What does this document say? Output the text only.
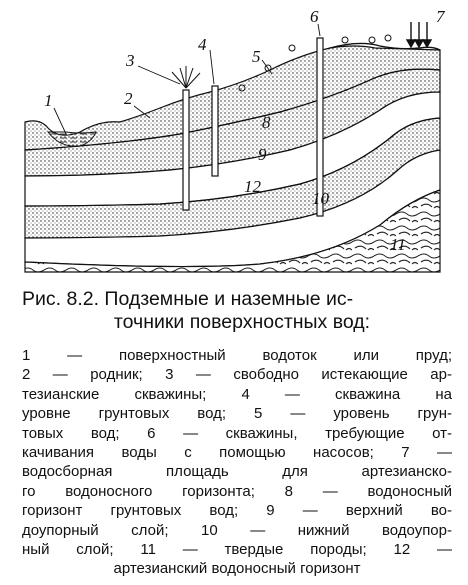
1	2
3
4
5
6	7
8
9
10
11
12
Рис. 8.2. Подземные и наземные ис-
точники поверхностных вод:
1 — поверхностный водоток или пруд;
2 — родник; 3 — свободно истекающие ар-
тезианские скважины; 4 — скважина на
уровне грунтовых вод; 5 — уровень грун-
товых вод; 6 — скважины, требующие от-
качивания воды с помощью насосов; 7 —
водосборная площадь для артезианско-
го водоносного горизонта; 8 — водоносный
горизонт грунтовых вод; 9 — верхний во-
доупорный слой; 10 — нижний водоупор-
ный слой; 11 — твердые породы; 12 —
артезианский водоносный горизонт
